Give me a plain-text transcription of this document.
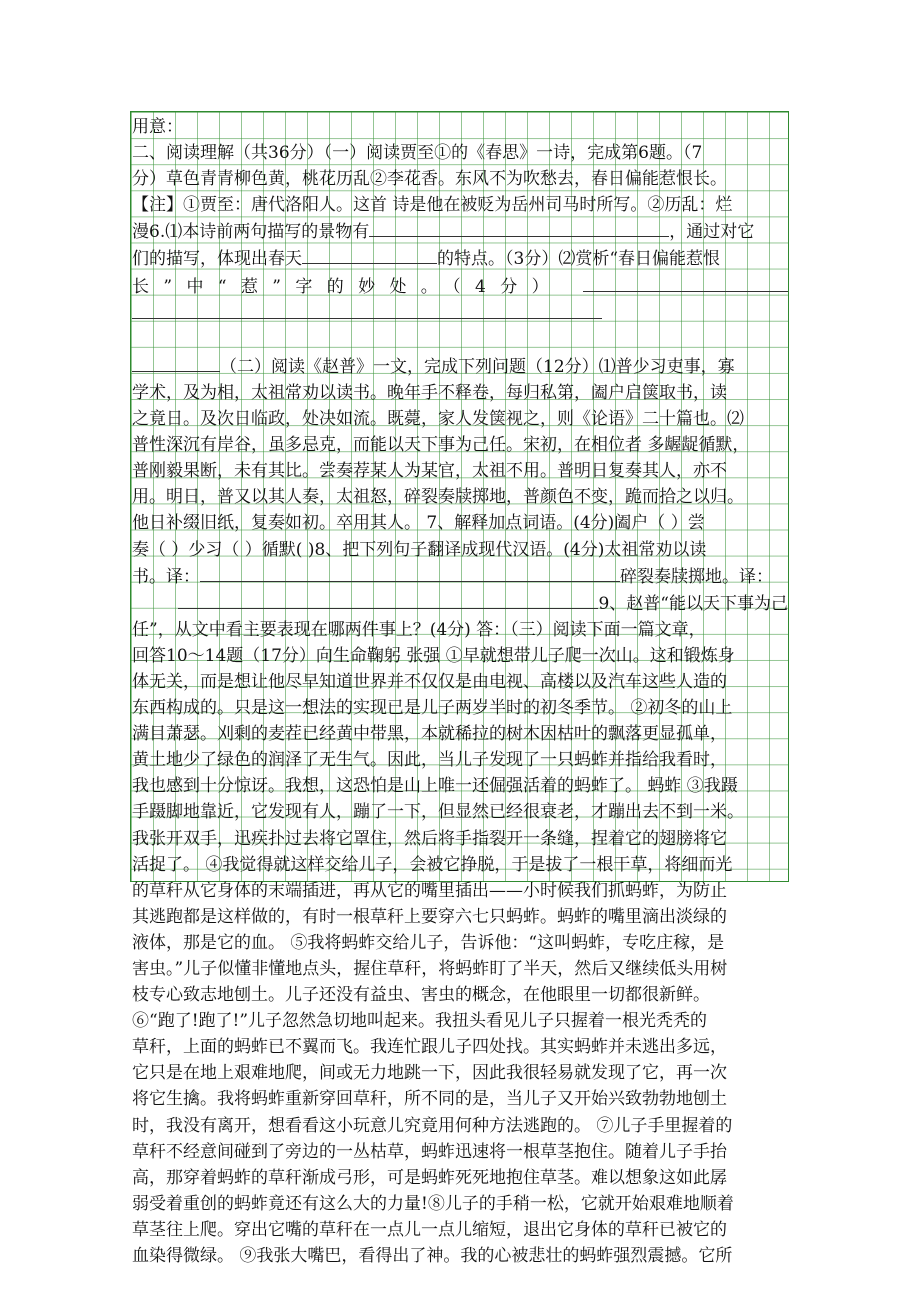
用意：
二、阅读理解（共36分）（一）阅读贾至①的《春思》一诗，完成第6题。（7
分）草色青青柳色黄，桃花历乱②李花香。东风不为吹愁去，春日偏能惹恨长。
【注】①贾至：唐代洛阳人。这首 诗是他在被贬为岳州司马时所写。②历乱：烂
漫6.⑴本诗前两句描写的景物有	，通过对它
们的描写，体现出春天	的特点。（3分）⑵赏析“春日偏能惹恨
长”中“惹”字的妙处。（4分）
（二）阅读《赵普》一文，完成下列问题（12分）⑴普少习吏事，寡
学术，及为相，太祖常劝以读书。晚年手不释卷，每归私第，阖户启箧取书，读
之竟日。及次日临政，处决如流。既薨，家人发箧视之，则《论语》二十篇也。⑵
普性深沉有岸谷，虽多忌克，而能以天下事为己任。宋初，在相位者 多龌龊循默，
普刚毅果断，未有其比。尝奏荐某人为某官，太祖不用。普明日复奏其人，亦不
用。明日，普又以其人奏，太祖怒，碎裂奏牍掷地，普颜色不变，跪而拾之以归。
他日补缀旧纸，复奏如初。卒用其人。 7、解释加点词语。(4分)阖户（ ）尝
奏（ ）少习（ ）循默( )8、把下列句子翻译成现代汉语。(4分)太祖常劝以读
书。译：	碎裂奏牍掷地。译：
9、赵普“能以天下事为己
任”，从文中看主要表现在哪两件事上？(4分) 答：（三）阅读下面一篇文章，
回答10～14题（17分）向生命鞠躬 张强 ①早就想带儿子爬一次山。这和锻炼身
体无关，而是想让他尽早知道世界并不仅仅是由电视、高楼以及汽车这些人造的
东西构成的。只是这一想法的实现已是儿子两岁半时的初冬季节。 ②初冬的山上
满目萧瑟。刈剩的麦茬已经黄中带黑，本就稀拉的树木因枯叶的飘落更显孤单，
黄土地少了绿色的润泽了无生气。因此，当儿子发现了一只蚂蚱并指给我看时，
我也感到十分惊讶。我想，这恐怕是山上唯一还倔强活着的蚂蚱了。 蚂蚱 ③我蹑
手蹑脚地靠近，它发现有人，蹦了一下，但显然已经很衰老，才蹦出去不到一米。
我张开双手，迅疾扑过去将它罩住，然后将手指裂开一条缝，捏着它的翅膀将它
活捉了。 ④我觉得就这样交给儿子，会被它挣脱，于是拔了一根干草，将细而光
的草秆从它身体的末端插进，再从它的嘴里插出——小时候我们抓蚂蚱，为防止
其逃跑都是这样做的，有时一根草秆上要穿六七只蚂蚱。蚂蚱的嘴里滴出淡绿的
液体，那是它的血。 ⑤我将蚂蚱交给儿子，告诉他：“这叫蚂蚱，专吃庄稼，是
害虫。”儿子似懂非懂地点头，握住草秆，将蚂蚱盯了半天，然后又继续低头用树
枝专心致志地刨土。儿子还没有益虫、害虫的概念，在他眼里一切都很新鲜。
⑥“跑了!跑了!”儿子忽然急切地叫起来。我扭头看见儿子只握着一根光秃秃的
草秆，上面的蚂蚱已不翼而飞。我连忙跟儿子四处找。其实蚂蚱并未逃出多远，
它只是在地上艰难地爬，间或无力地跳一下，因此我很轻易就发现了它，再一次
将它生擒。我将蚂蚱重新穿回草秆，所不同的是，当儿子又开始兴致勃勃地刨土
时，我没有离开，想看看这小玩意儿究竟用何种方法逃跑的。 ⑦儿子手里握着的
草秆不经意间碰到了旁边的一丛枯草，蚂蚱迅速将一根草茎抱住。随着儿子手抬
高，那穿着蚂蚱的草秆渐成弓形，可是蚂蚱死死地抱住草茎。难以想象这如此孱
弱受着重创的蚂蚱竟还有这么大的力量!⑧儿子的手稍一松，它就开始艰难地顺着
草茎往上爬。穿出它嘴的草秆在一点儿一点儿缩短，退出它身体的草秆已被它的
血染得微绿。 ⑨我张大嘴巴，看得出了神。我的心被悲壮的蚂蚱强烈震撼。它所
